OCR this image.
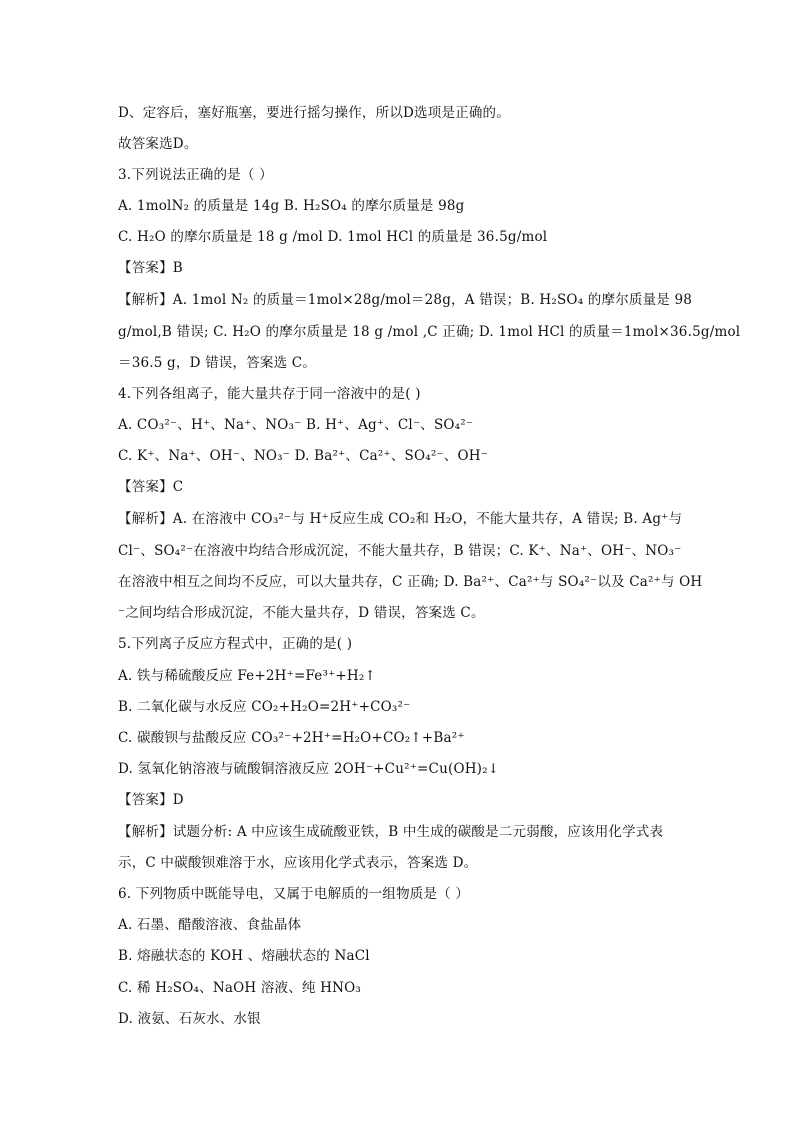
D、定容后，塞好瓶塞，要进行摇匀操作，所以D选项是正确的。
故答案选D。
3.下列说法正确的是（ ）
A. 1molN₂ 的质量是 14g B. H₂SO₄ 的摩尔质量是 98g
C. H₂O 的摩尔质量是 18 g /mol D. 1mol HCl 的质量是 36.5g/mol
【答案】B
【解析】A. 1mol N₂ 的质量＝1mol×28g/mol＝28g，A 错误；B. H₂SO₄ 的摩尔质量是 98
g/mol,B 错误; C. H₂O 的摩尔质量是 18 g /mol ,C 正确; D. 1mol HCl 的质量＝1mol×36.5g/mol
＝36.5 g，D 错误，答案选 C。
4.下列各组离子，能大量共存于同一溶液中的是( )
A. CO₃²⁻、H⁺、Na⁺、NO₃⁻ B. H⁺、Ag⁺、Cl⁻、SO₄²⁻
C. K⁺、Na⁺、OH⁻、NO₃⁻ D. Ba²⁺、Ca²⁺、SO₄²⁻、OH⁻
【答案】C
【解析】A. 在溶液中 CO₃²⁻与 H⁺反应生成 CO₂和 H₂O，不能大量共存，A 错误; B. Ag⁺与
Cl⁻、SO₄²⁻在溶液中均结合形成沉淀，不能大量共存，B 错误；C. K⁺、Na⁺、OH⁻、NO₃⁻
在溶液中相互之间均不反应，可以大量共存，C 正确; D. Ba²⁺、Ca²⁺与 SO₄²⁻以及 Ca²⁺与 OH
⁻之间均结合形成沉淀，不能大量共存，D 错误，答案选 C。
5.下列离子反应方程式中，正确的是( )
A. 铁与稀硫酸反应 Fe+2H⁺=Fe³⁺+H₂↑
B. 二氧化碳与水反应 CO₂+H₂O=2H⁺+CO₃²⁻
C. 碳酸钡与盐酸反应 CO₃²⁻+2H⁺=H₂O+CO₂↑+Ba²⁺
D. 氢氧化钠溶液与硫酸铜溶液反应 2OH⁻+Cu²⁺=Cu(OH)₂↓
【答案】D
【解析】试题分析: A 中应该生成硫酸亚铁，B 中生成的碳酸是二元弱酸，应该用化学式表
示，C 中碳酸钡难溶于水，应该用化学式表示，答案选 D。
6. 下列物质中既能导电，又属于电解质的一组物质是（ ）
A. 石墨、醋酸溶液、食盐晶体
B. 熔融状态的 KOH 、熔融状态的 NaCl
C. 稀 H₂SO₄、NaOH 溶液、纯 HNO₃
D. 液氨、石灰水、水银
